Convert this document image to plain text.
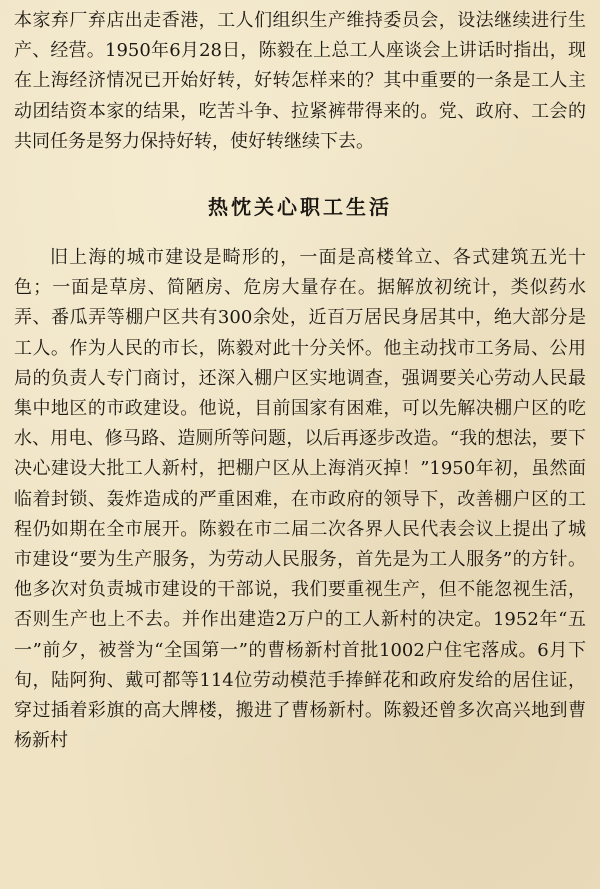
本家弃厂弃店出走香港，工人们组织生产维持委员会，设法继续进行生产、经营。1950年6月28日，陈毅在上总工人座谈会上讲话时指出，现在上海经济情况已开始好转，好转怎样来的？其中重要的一条是工人主动团结资本家的结果，吃苦斗争、拉紧裤带得来的。党、政府、工会的共同任务是努力保持好转，使好转继续下去。

热忱关心职工生活

旧上海的城市建设是畸形的，一面是高楼耸立、各式建筑五光十色；一面是草房、简陋房、危房大量存在。据解放初统计，类似药水弄、番瓜弄等棚户区共有300余处，近百万居民身居其中，绝大部分是工人。作为人民的市长，陈毅对此十分关怀。他主动找市工务局、公用局的负责人专门商讨，还深入棚户区实地调查，强调要关心劳动人民最集中地区的市政建设。他说，目前国家有困难，可以先解决棚户区的吃水、用电、修马路、造厕所等问题，以后再逐步改造。“我的想法，要下决心建设大批工人新村，把棚户区从上海消灭掉！”1950年初，虽然面临着封锁、轰炸造成的严重困难，在市政府的领导下，改善棚户区的工程仍如期在全市展开。陈毅在市二届二次各界人民代表会议上提出了城市建设“要为生产服务，为劳动人民服务，首先是为工人服务”的方针。他多次对负责城市建设的干部说，我们要重视生产，但不能忽视生活，否则生产也上不去。并作出建造2万户的工人新村的决定。1952年“五一”前夕，被誉为“全国第一”的曹杨新村首批1002户住宅落成。6月下旬，陆阿狗、戴可都等114位劳动模范手捧鲜花和政府发给的居住证，穿过插着彩旗的高大牌楼，搬进了曹杨新村。陈毅还曾多次高兴地到曹杨新村
